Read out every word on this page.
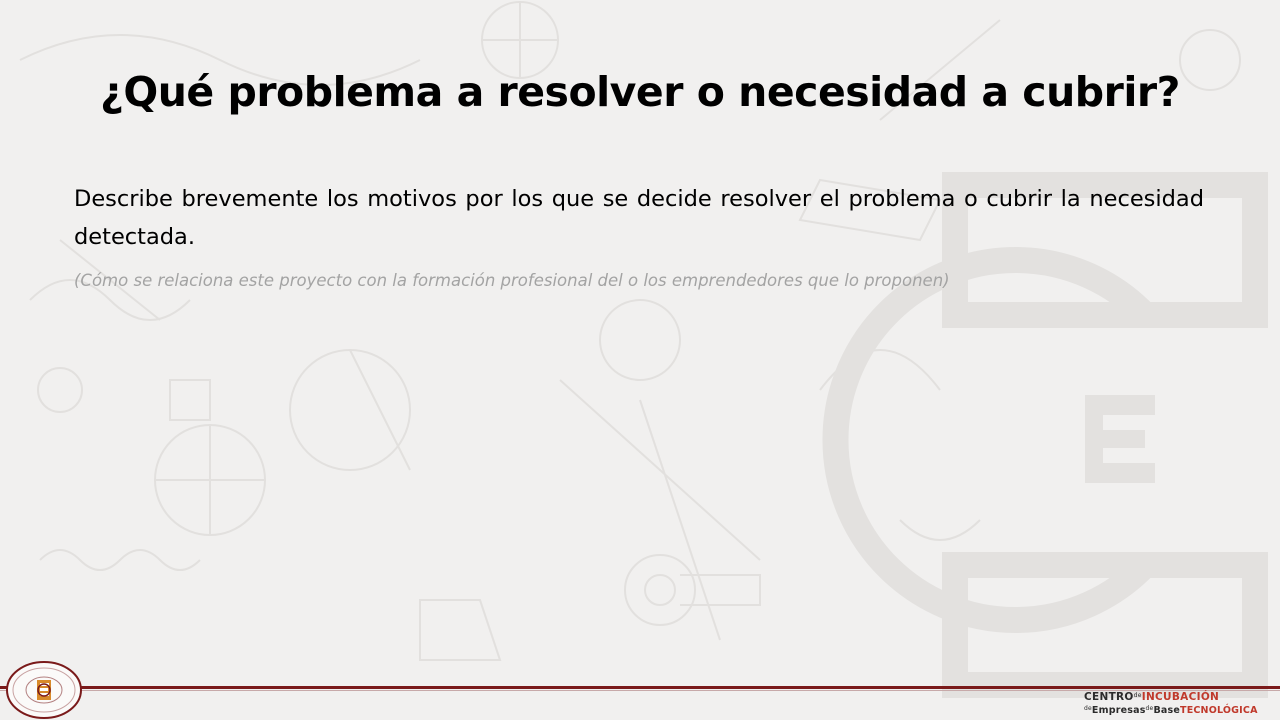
¿Qué problema a resolver o necesidad a cubrir?

Describe brevemente los motivos por los que se decide resolver el problema o cubrir la necesidad detectada.

(Cómo se relaciona este proyecto con la formación profesional del o los emprendedores que lo proponen)

$CENTRO^{de}INCUBACIÓN$
$^{de}$Empresas$^{de}$BaseTECNOLÓGICA
